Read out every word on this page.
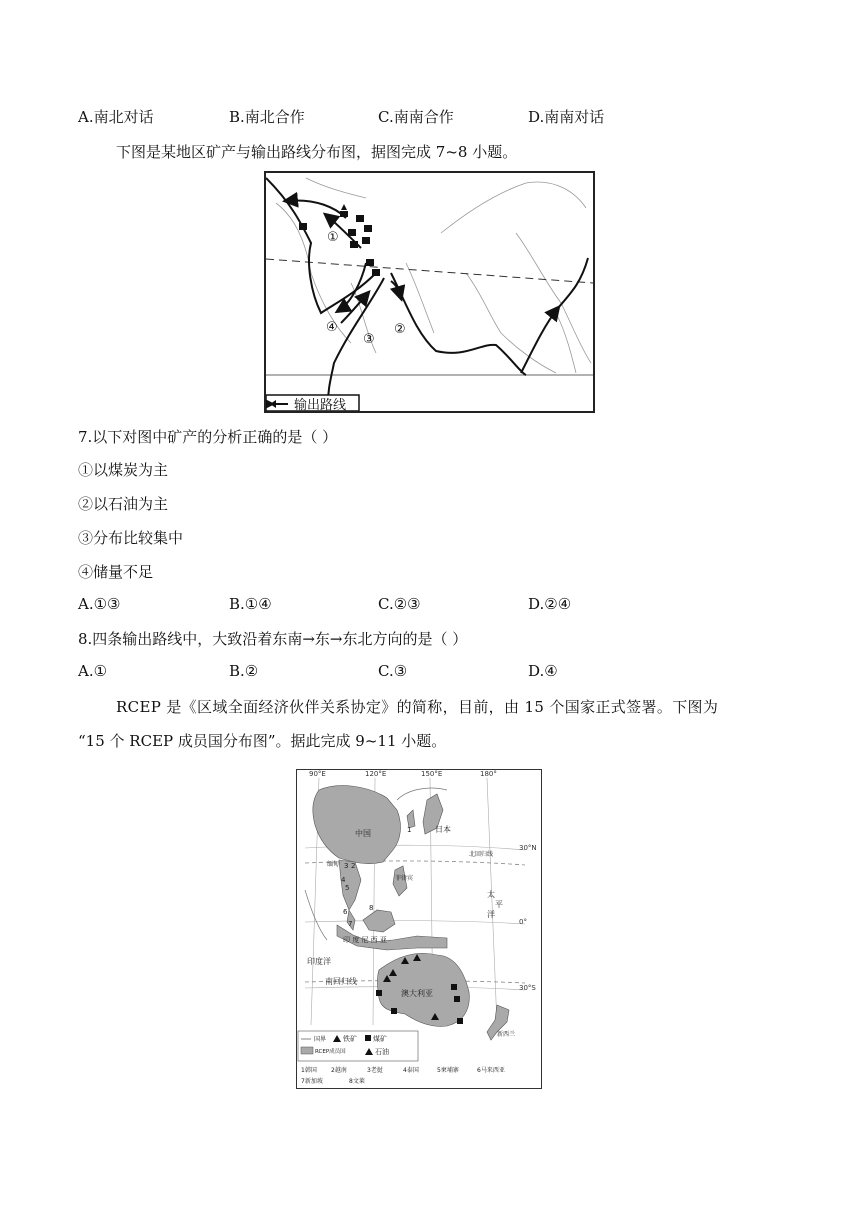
A.南北对话	B.南北合作	C.南南合作	D.南南对话
下图是某地区矿产与输出路线分布图，据图完成 7~8 小题。
①
②
③
④
输出路线
7.以下对图中矿产的分析正确的是（ ）
①以煤炭为主
②以石油为主
③分布比较集中
④储量不足
A.①③	B.①④	C.②③	D.②④
8.四条输出路线中，大致沿着东南→东→东北方向的是（ ）
A.①	B.②	C.③	D.④
RCEP 是《区域全面经济伙伴关系协定》的简称，目前，由 15 个国家正式签署。下图为
“15 个 RCEP 成员国分布图”。据此完成 9~11 小题。
90°E	120°E	150°E	180°
30°N
0°
30°S
中国	日本
北回归线
太
平
洋
印度洋
南回归线
澳大利亚
菲律宾
印 度 尼 西 亚
新西兰
缅甸
1
2
3
4
5
6
7
8
国界 铁矿 煤矿
RCEP成员国	石油
1韩国 2越南	3老挝	4泰国	5柬埔寨	6马来西亚
7新加坡	8文莱
